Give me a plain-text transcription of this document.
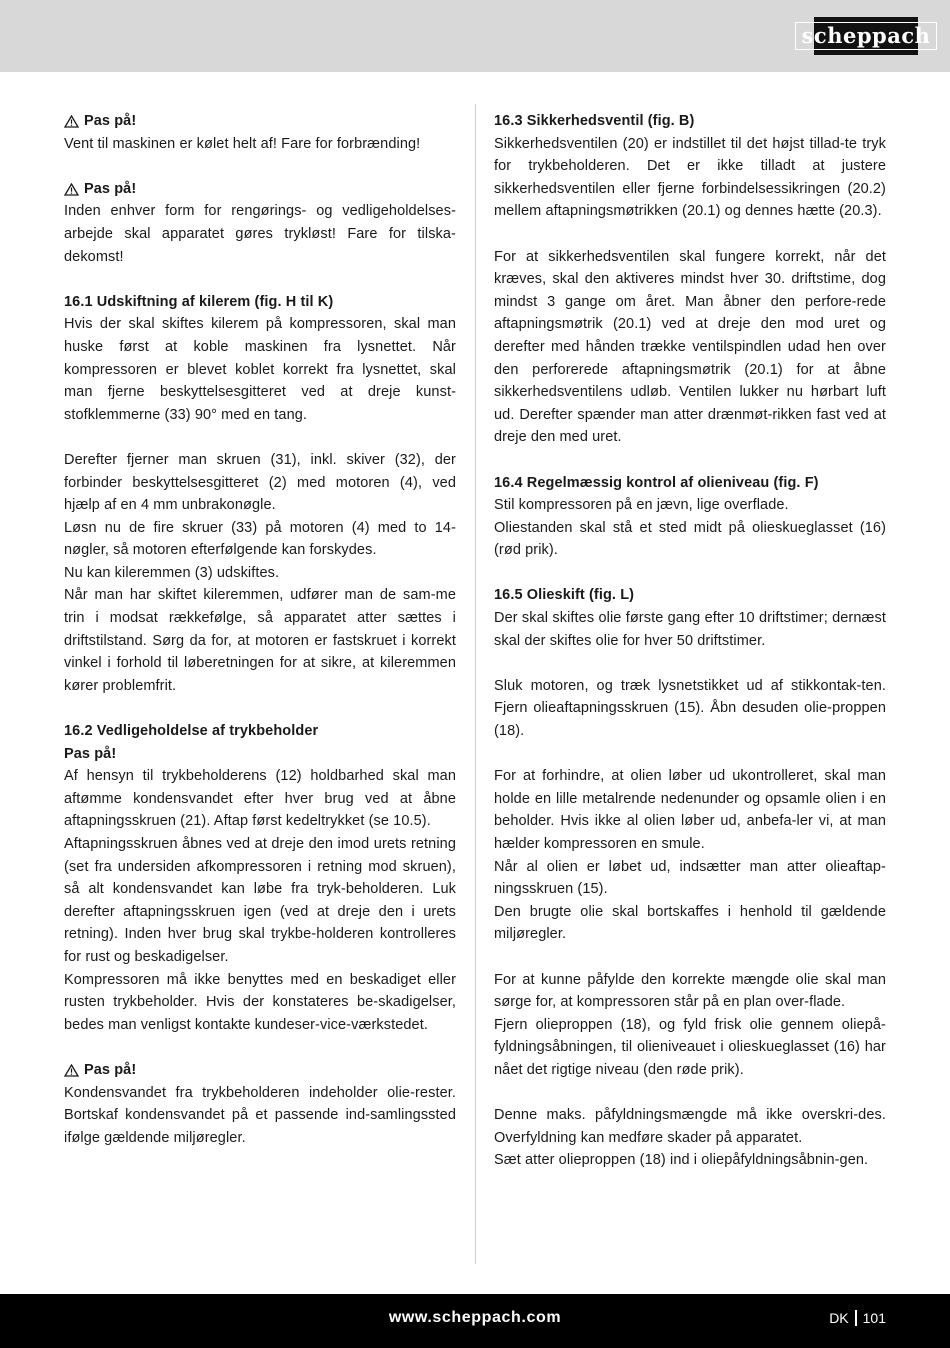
scheppach
Pas på!

Vent til maskinen er kølet helt af! Fare for forbrænding!

Pas på!

Inden enhver form for rengørings- og vedligeholdelses-arbejde skal apparatet gøres trykløst! Fare for tilska-dekomst!

16.1 Udskiftning af kilerem (fig. H til K)

Hvis der skal skiftes kilerem på kompressoren, skal man huske først at koble maskinen fra lysnettet. Når kompressoren er blevet koblet korrekt fra lysnettet, skal man fjerne beskyttelsesgitteret ved at dreje kunst-stofklemmerne (33) 90° med en tang.

Derefter fjerner man skruen (31), inkl. skiver (32), der forbinder beskyttelsesgitteret (2) med motoren (4), ved hjælp af en 4 mm unbrakonøgle.

Løsn nu de fire skruer (33) på motoren (4) med to 14-nøgler, så motoren efterfølgende kan forskydes.

Nu kan kileremmen (3) udskiftes.

Når man har skiftet kileremmen, udfører man de sam-me trin i modsat rækkefølge, så apparatet atter sættes i driftstilstand. Sørg da for, at motoren er fastskruet i korrekt vinkel i forhold til løberetningen for at sikre, at kileremmen kører problemfrit.

16.2 Vedligeholdelse af trykbeholder

Pas på!

Af hensyn til trykbeholderens (12) holdbarhed skal man aftømme kondensvandet efter hver brug ved at åbne aftapningsskruen (21). Aftap først kedeltrykket (se 10.5).

Aftapningsskruen åbnes ved at dreje den imod urets retning (set fra undersiden afkompressoren i retning mod skruen), så alt kondensvandet kan løbe fra tryk-beholderen. Luk derefter aftapningsskruen igen (ved at dreje den i urets retning). Inden hver brug skal trykbe-holderen kontrolleres for rust og beskadigelser.

Kompressoren må ikke benyttes med en beskadiget eller rusten trykbeholder. Hvis der konstateres be-skadigelser, bedes man venligst kontakte kundeser-vice-værkstedet.

Pas på!

Kondensvandet fra trykbeholderen indeholder olie-rester. Bortskaf kondensvandet på et passende ind-samlingssted ifølge gældende miljøregler.

16.3 Sikkerhedsventil (fig. B)

Sikkerhedsventilen (20) er indstillet til det højst tillad-te tryk for trykbeholderen. Det er ikke tilladt at justere sikkerhedsventilen eller fjerne forbindelsessikringen (20.2) mellem aftapningsmøtrikken (20.1) og dennes hætte (20.3).

For at sikkerhedsventilen skal fungere korrekt, når det kræves, skal den aktiveres mindst hver 30. driftstime, dog mindst 3 gange om året. Man åbner den perfore-rede aftapningsmøtrik (20.1) ved at dreje den mod uret og derefter med hånden trække ventilspindlen udad hen over den perforerede aftapningsmøtrik (20.1) for at åbne sikkerhedsventilens udløb. Ventilen lukker nu hørbart luft ud. Derefter spænder man atter drænmøt-rikken fast ved at dreje den med uret.

16.4 Regelmæssig kontrol af olieniveau (fig. F)

Stil kompressoren på en jævn, lige overflade.

Oliestanden skal stå et sted midt på olieskueglasset (16) (rød prik).

16.5 Olieskift (fig. L)

Der skal skiftes olie første gang efter 10 driftstimer; dernæst skal der skiftes olie for hver 50 driftstimer.

Sluk motoren, og træk lysnetstikket ud af stikkontak-ten. Fjern olieaftapningsskruen (15). Åbn desuden olie-proppen (18).

For at forhindre, at olien løber ud ukontrolleret, skal man holde en lille metalrende nedenunder og opsamle olien i en beholder. Hvis ikke al olien løber ud, anbefa-ler vi, at man hælder kompressoren en smule.

Når al olien er løbet ud, indsætter man atter olieaftap-ningsskruen (15).

Den brugte olie skal bortskaffes i henhold til gældende miljøregler.

For at kunne påfylde den korrekte mængde olie skal man sørge for, at kompressoren står på en plan over-flade.

Fjern olieproppen (18), og fyld frisk olie gennem oliepå-fyldningsåbningen, til olieniveauet i olieskueglasset (16) har nået det rigtige niveau (den røde prik).

Denne maks. påfyldningsmængde må ikke overskri-des. Overfyldning kan medføre skader på apparatet.

Sæt atter olieproppen (18) ind i oliepåfyldningsåbnin-gen.

www.scheppach.com	DK 101
